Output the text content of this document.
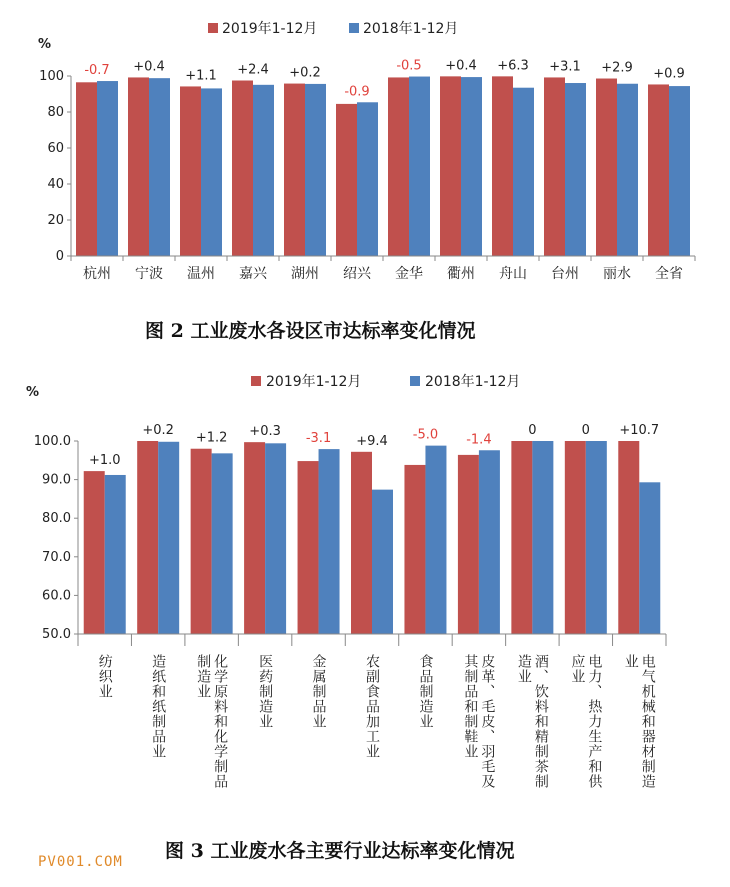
%
2019年1-12月	2018年1-12月
0
20
40
60
80
100 -0.7 +0.4
+1.1 +2.4 +0.2
-0.9
-0.5 +0.4 +6.3 +3.1 +2.9 +0.9
杭州 宁波 温州 嘉兴 湖州 绍兴 金华 衢州 舟山 台州 丽水 全省
图 2 工业废水各设区市达标率变化情况
%
2019年1-12月	2018年1-12月
50.0
60.0
70.0
80.0
90.0
100.0
+1.0
+0.2
+1.2 +0.3 -3.1 +9.4 -5.0 -1.4
0	0 +10.7
纺织业	造纸和纸制品业	化学原料和化学制品
制造业	医药制造业	金属制品业	农副食品加工业	食品制造业	皮革、毛皮、羽毛及
其制品和制鞋业	酒、饮料和精制茶制
造业	电力、热力生产和供
应业	电气机械和器材制造
业
图 3 工业废水各主要行业达标率变化情况
PV001.COM
